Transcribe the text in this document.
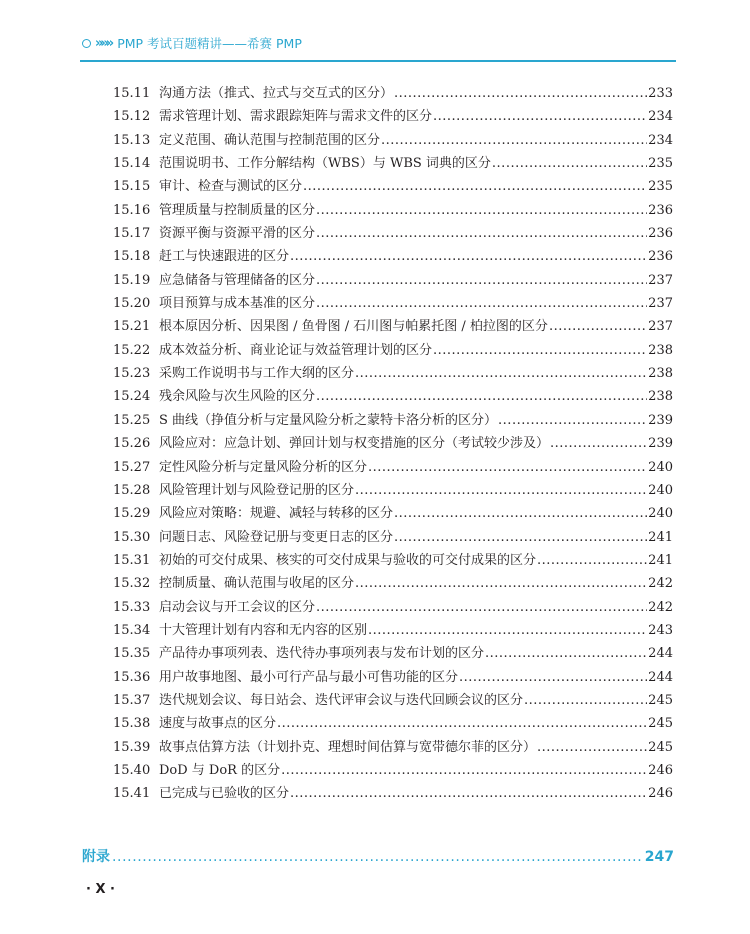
»»» PMP 考试百题精讲——希赛 PMP
15.11 沟通方法（推式、拉式与交互式的区分） .....	233
15.12 需求管理计划、需求跟踪矩阵与需求文件的区分 .....	234
15.13 定义范围、确认范围与控制范围的区分 .....	234
15.14 范围说明书、工作分解结构（WBS）与 WBS 词典的区分 .....	235
15.15 审计、检查与测试的区分 .....	235
15.16 管理质量与控制质量的区分 .....	236
15.17 资源平衡与资源平滑的区分 .....	236
15.18 赶工与快速跟进的区分 .....	236
15.19 应急储备与管理储备的区分 .....	237
15.20 项目预算与成本基准的区分 .....	237
15.21 根本原因分析、因果图 / 鱼骨图 / 石川图与帕累托图 / 柏拉图的区分 .....	237
15.22 成本效益分析、商业论证与效益管理计划的区分 .....	238
15.23 采购工作说明书与工作大纲的区分 .....	238
15.24 残余风险与次生风险的区分 .....	238
15.25 S 曲线（挣值分析与定量风险分析之蒙特卡洛分析的区分） .....	239
15.26 风险应对：应急计划、弹回计划与权变措施的区分（考试较少涉及） .....	239
15.27 定性风险分析与定量风险分析的区分 .....	240
15.28 风险管理计划与风险登记册的区分 .....	240
15.29 风险应对策略：规避、减轻与转移的区分 .....	240
15.30 问题日志、风险登记册与变更日志的区分 .....	241
15.31 初始的可交付成果、核实的可交付成果与验收的可交付成果的区分 .....	241
15.32 控制质量、确认范围与收尾的区分 .....	242
15.33 启动会议与开工会议的区分 .....	242
15.34 十大管理计划有内容和无内容的区别 .....	243
15.35 产品待办事项列表、迭代待办事项列表与发布计划的区分 .....	244
15.36 用户故事地图、最小可行产品与最小可售功能的区分 .....	244
15.37 迭代规划会议、每日站会、迭代评审会议与迭代回顾会议的区分 .....	245
15.38 速度与故事点的区分 .....	245
15.39 故事点估算方法（计划扑克、理想时间估算与宽带德尔菲的区分） .....	245
15.40 DoD 与 DoR 的区分 .....	246
15.41 已完成与已验收的区分 .....	246
附录 .....	247
· X ·
